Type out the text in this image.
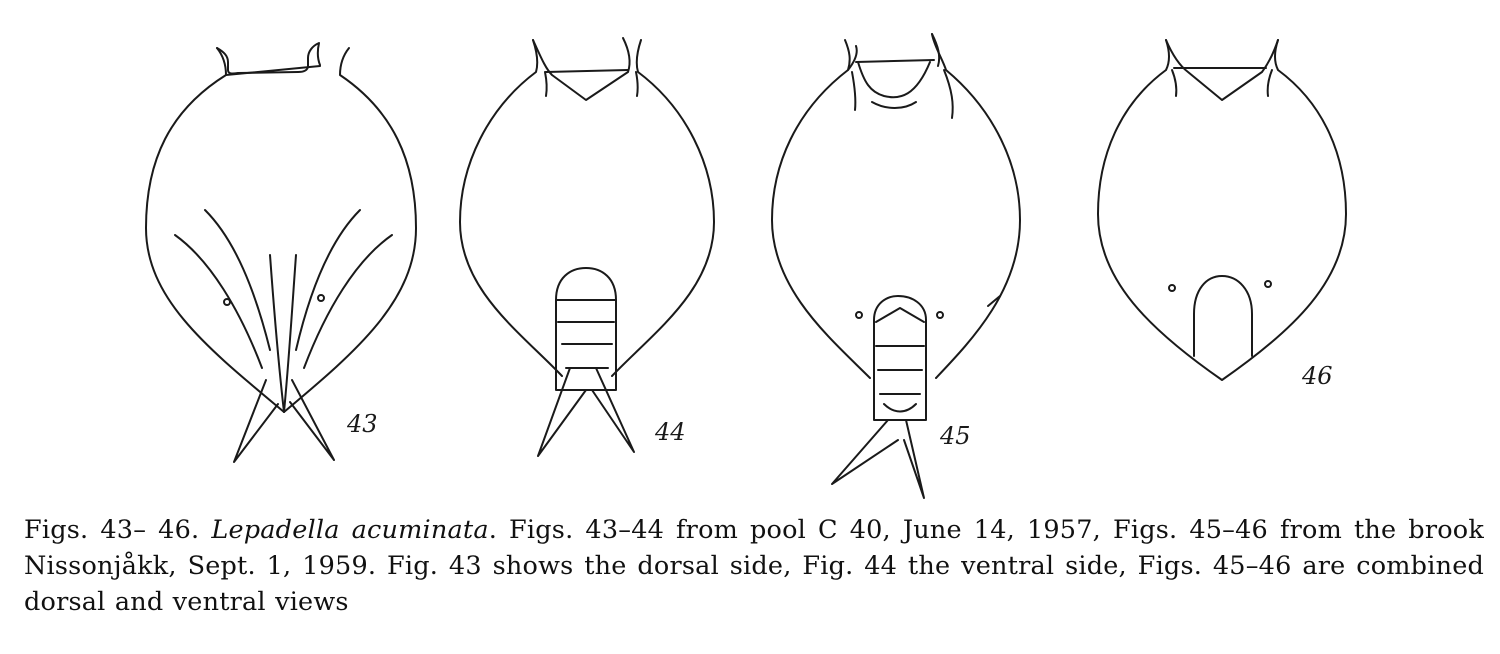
43	44	45
46
Figs. 43– 46. Lepadella acuminata. Figs. 43–44 from pool C 40, June 14, 1957, Figs. 45–46 from the brook Nissonjåkk, Sept. 1, 1959. Fig. 43 shows the dorsal side, Fig. 44 the ventral side, Figs. 45–46 are combined dorsal and ventral views
